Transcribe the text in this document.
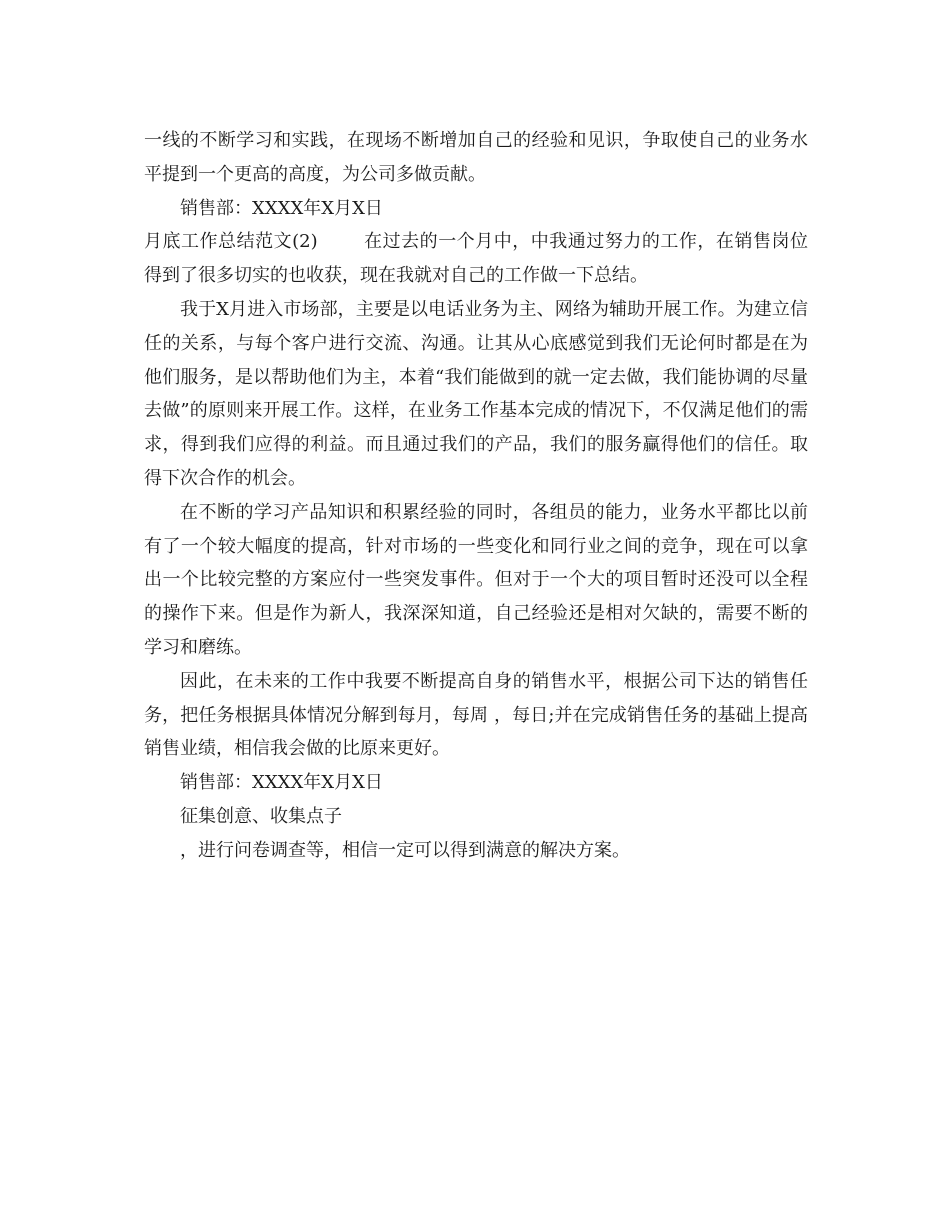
一线的不断学习和实践，在现场不断增加自己的经验和见识，争取使自己的业务水平提到一个更高的高度，为公司多做贡献。

销售部：XXXX年X月X日

月底工作总结范文(2)	在过去的一个月中，中我通过努力的工作，在销售岗位得到了很多切实的也收获，现在我就对自己的工作做一下总结。

我于X月进入市场部，主要是以电话业务为主、网络为辅助开展工作。为建立信任的关系，与每个客户进行交流、沟通。让其从心底感觉到我们无论何时都是在为他们服务，是以帮助他们为主，本着“我们能做到的就一定去做，我们能协调的尽量去做”的原则来开展工作。这样，在业务工作基本完成的情况下，不仅满足他们的需求，得到我们应得的利益。而且通过我们的产品，我们的服务赢得他们的信任。取得下次合作的机会。

在不断的学习产品知识和积累经验的同时，各组员的能力，业务水平都比以前有了一个较大幅度的提高，针对市场的一些变化和同行业之间的竞争，现在可以拿出一个比较完整的方案应付一些突发事件。但对于一个大的项目暂时还没可以全程的操作下来。但是作为新人，我深深知道，自己经验还是相对欠缺的，需要不断的学习和磨练。

因此，在未来的工作中我要不断提高自身的销售水平，根据公司下达的销售任务，把任务根据具体情况分解到每月，每周 ，每日;并在完成销售任务的基础上提高销售业绩，相信我会做的比原来更好。

销售部：XXXX年X月X日

征集创意、收集点子

，进行问卷调查等，相信一定可以得到满意的解决方案。
